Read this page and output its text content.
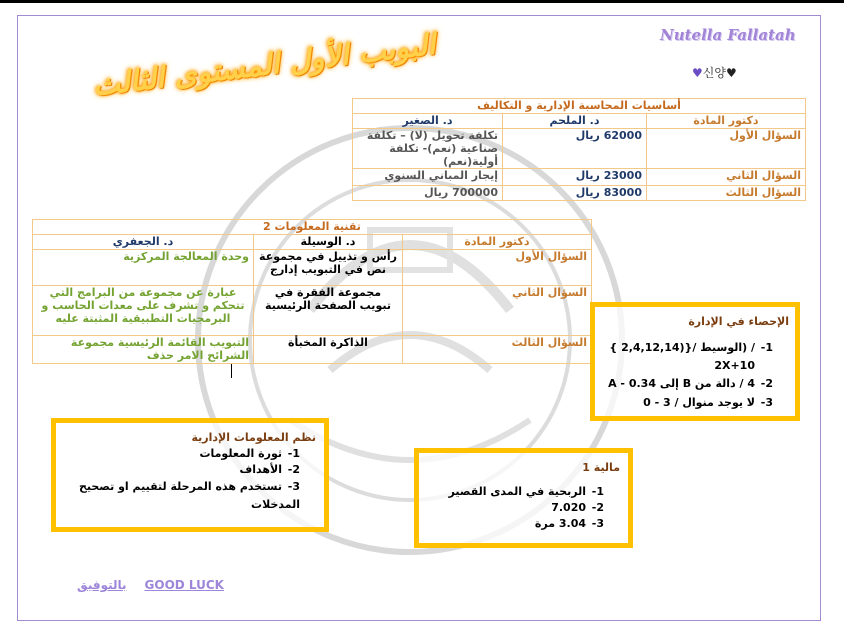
Nutella Fallatah
♥ 신양 ♥
البوبب الأول المستوى الثالث
أساسيات المحاسبة الإدارية و التكاليف		
دكتور المادة	د. الملحم	د. الصغير
السؤال الأول	62000 ريال	تكلفة تحويل (لا) – تكلفة صناعية (نعم)- تكلفة أولية(نعم)
السؤال الثاني	23000 ريال	إيجار المباني السنوي
السؤال الثالث	83000 ريال	700000 ريال
تقنية المعلومات 2		
دكتور المادة	د. الوسيلة	د. الجعفري
السؤال الأول	رأس و تذييل في مجموعة نص في التبويب إدارج	وحدة المعالجة المركزية
السؤال الثاني	مجموعة الفقرة في تبويب الصفحة الرئيسية	عبارة عن مجموعة من البرامج التي تتحكم و تشرف على معدات الحاسب و البرمجيات التطبيقية المثبتة عليه
السؤال الثالث	الذاكرة المخبأة	التبويب القائمة الرئيسية مجموعة الشرائح الامر حذف
الإحصاء في الإدارة
1-الوسيط /{(2,4,12,14 }) /
2X+10
2-4 / دالة من B إلى A - 0.34
3-لا يوجد منوال / 3 - 0
نظم المعلومات الإدارية
1-ثورة المعلومات
2-الأهداف
3-تستخدم هذه المرحلة لتقييم او تصحيح المدخلات
مالية 1
1-الربحية في المدى القصير
2-7.020
3-3.04 مرة
بالتوفيق GOOD LUCK
